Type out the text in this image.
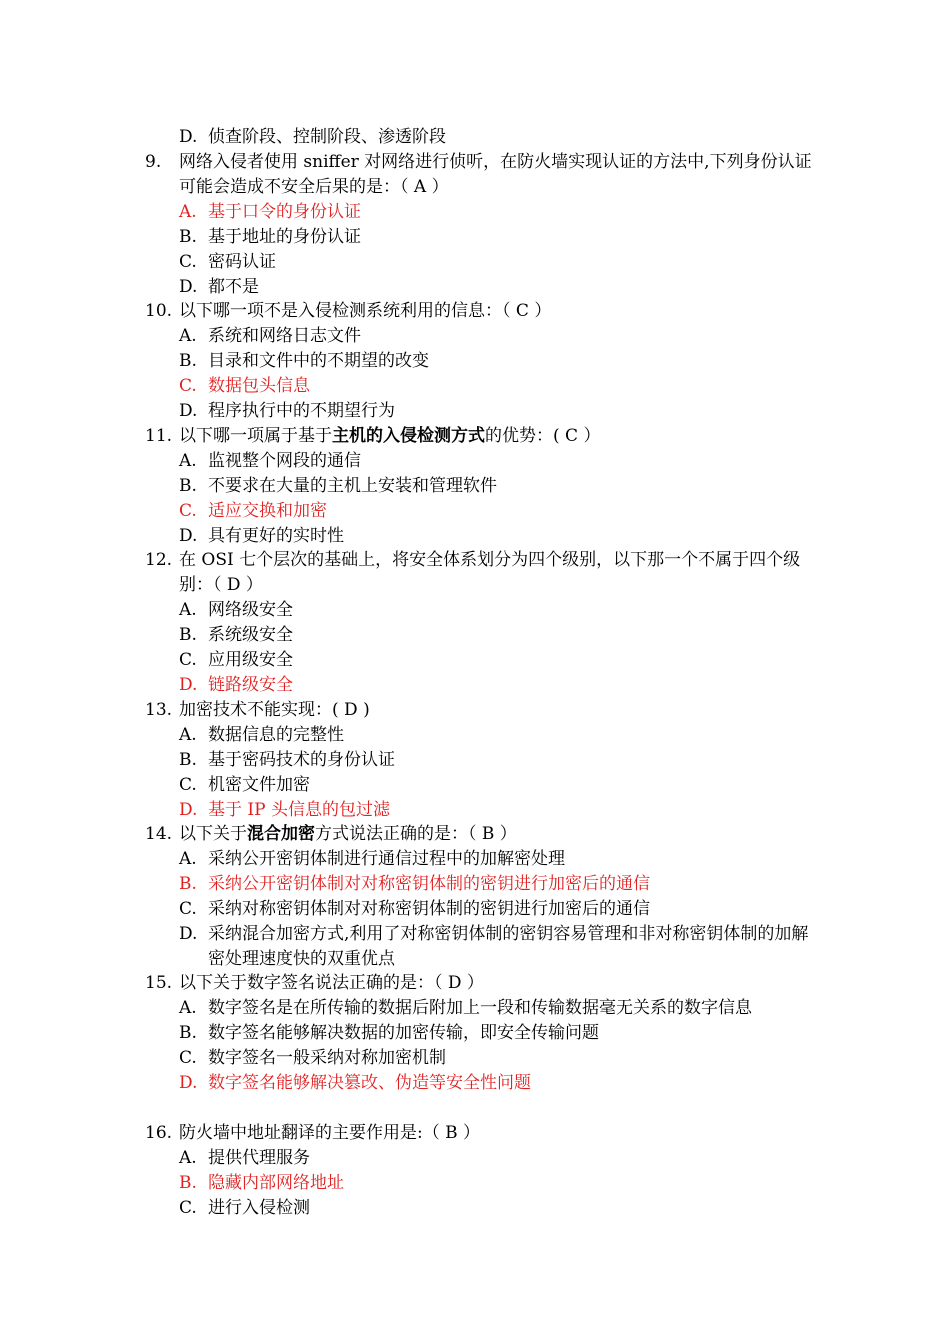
D. 侦查阶段、控制阶段、渗透阶段
9.	网络入侵者使用 sniffer 对网络进行侦听，在防火墙实现认证的方法中,下列身份认证可能会造成不安全后果的是：（ A ）
A. 基于口令的身份认证
B. 基于地址的身份认证
C. 密码认证
D. 都不是
10. 以下哪一项不是入侵检测系统利用的信息：（ C ）
A. 系统和网络日志文件
B. 目录和文件中的不期望的改变
C. 数据包头信息
D. 程序执行中的不期望行为
11. 以下哪一项属于基于主机的入侵检测方式的优势：( C ）
A. 监视整个网段的通信
B. 不要求在大量的主机上安装和管理软件
C. 适应交换和加密
D. 具有更好的实时性
12. 在 OSI 七个层次的基础上，将安全体系划分为四个级别，以下那一个不属于四个级别：（ D ）
A. 网络级安全
B. 系统级安全
C. 应用级安全
D. 链路级安全
13. 加密技术不能实现：( D )
A. 数据信息的完整性
B. 基于密码技术的身份认证
C. 机密文件加密
D. 基于 IP 头信息的包过滤
14. 以下关于混合加密方式说法正确的是：（ B ）
A. 采纳公开密钥体制进行通信过程中的加解密处理
B. 采纳公开密钥体制对对称密钥体制的密钥进行加密后的通信
C. 采纳对称密钥体制对对称密钥体制的密钥进行加密后的通信
D. 采纳混合加密方式,利用了对称密钥体制的密钥容易管理和非对称密钥体制的加解密处理速度快的双重优点
15. 以下关于数字签名说法正确的是：（ D ）
A. 数字签名是在所传输的数据后附加上一段和传输数据毫无关系的数字信息
B. 数字签名能够解决数据的加密传输，即安全传输问题
C. 数字签名一般采纳对称加密机制
D. 数字签名能够解决篡改、伪造等安全性问题
16. 防火墙中地址翻译的主要作用是:（ B ）
A. 提供代理服务
B. 隐藏内部网络地址
C. 进行入侵检测
